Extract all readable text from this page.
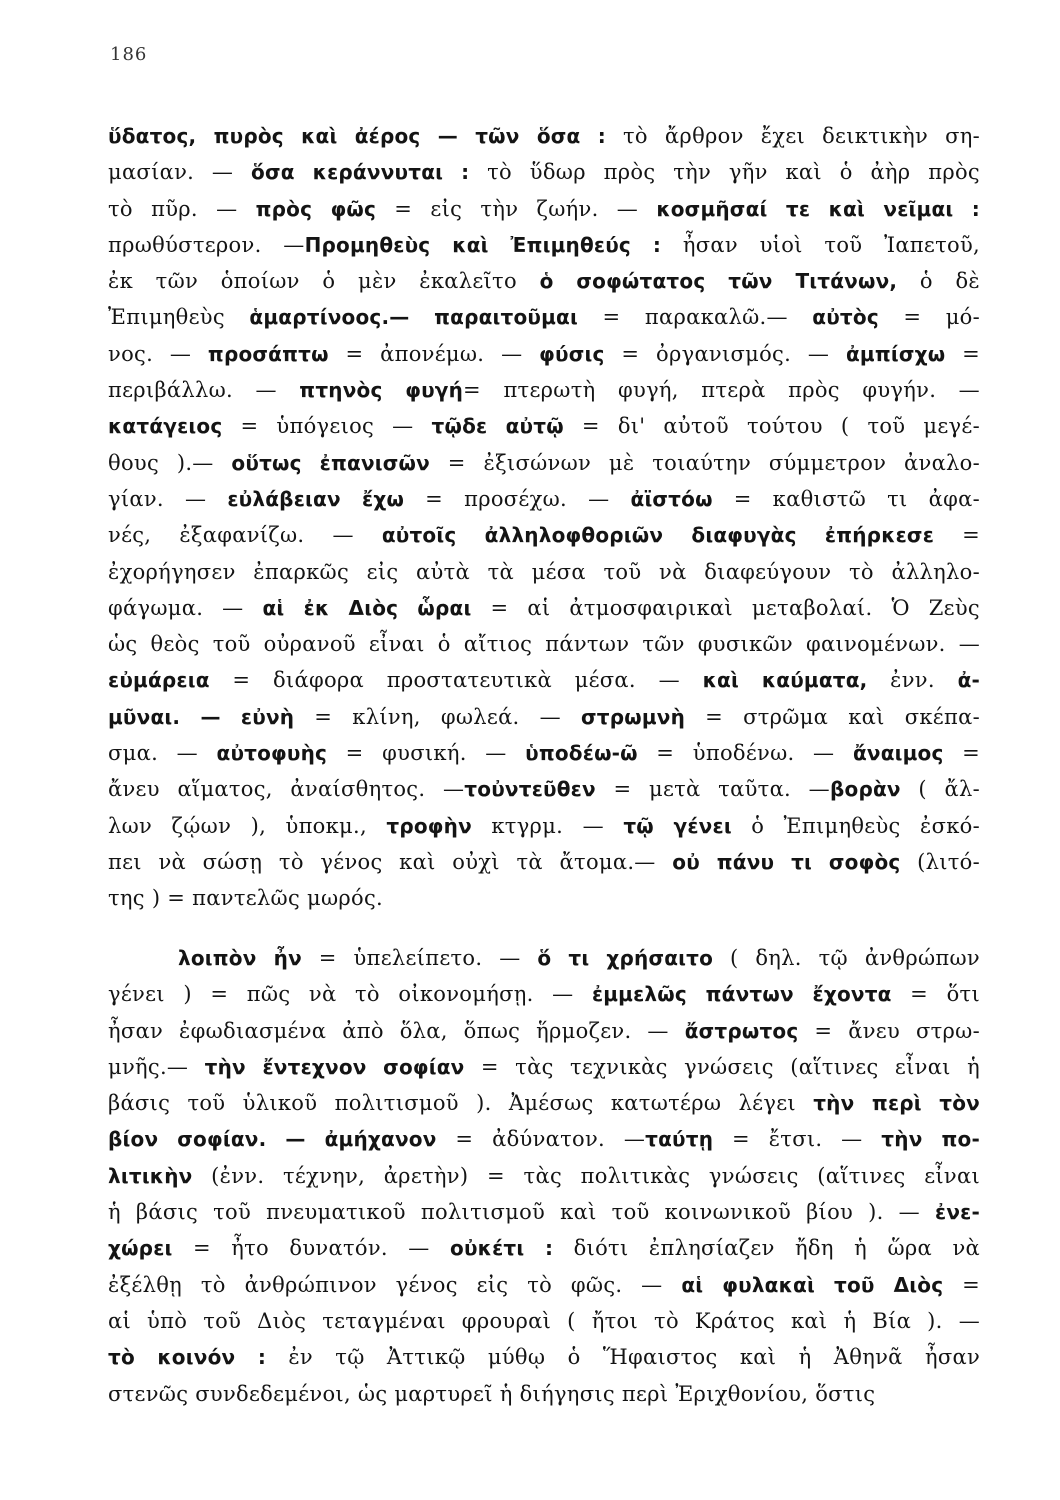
186
ὕδατος, πυρὸς καὶ ἀέρος — τῶν ὅσα : τὸ ἄρθρον ἔχει δεικτικὴν ση-
μασίαν. — ὅσα κεράννυται : τὸ ὕδωρ πρὸς τὴν γῆν καὶ ὁ ἀὴρ πρὸς
τὸ πῦρ. — πρὸς φῶς = εἰς τὴν ζωήν. — κοσμῆσαί τε καὶ νεῖμαι :
πρωθύστερον. —Προμηθεὺς καὶ Ἐπιμηθεύς : ἦσαν υἱοὶ τοῦ Ἰαπετοῦ,
ἐκ τῶν ὁποίων ὁ μὲν ἐκαλεῖτο ὁ σοφώτατος τῶν Τιτάνων, ὁ δὲ
Ἐπιμηθεὺς ἁμαρτίνοος.— παραιτοῦμαι = παρακαλῶ.— αὐτὸς = μό-
νος. — προσάπτω = ἀπονέμω. — φύσις = ὀργανισμός. — ἀμπίσχω =
περιβάλλω. — πτηνὸς φυγή= πτερωτὴ φυγή, πτερὰ πρὸς φυγήν. —
κατάγειος = ὑπόγειος — τῷδε αὐτῷ = δι' αὐτοῦ τούτου ( τοῦ μεγέ-
θους ).— οὕτως ἐπανισῶν = ἐξισώνων μὲ τοιαύτην σύμμετρον ἀναλο-
γίαν. — εὐλάβειαν ἔχω = προσέχω. — ἀϊστόω = καθιστῶ τι ἀφα-
νές, ἐξαφανίζω. — αὐτοῖς ἀλληλοφθοριῶν διαφυγὰς ἐπήρκεσε =
ἐχορήγησεν ἐπαρκῶς εἰς αὐτὰ τὰ μέσα τοῦ νὰ διαφεύγουν τὸ ἀλληλο-
φάγωμα. — αἱ ἐκ Διὸς ὧραι = αἱ ἀτμοσφαιρικαὶ μεταβολαί. Ὁ Ζεὺς
ὡς θεὸς τοῦ οὐρανοῦ εἶναι ὁ αἴτιος πάντων τῶν φυσικῶν φαινομένων. —
εὐμάρεια = διάφορα προστατευτικὰ μέσα. — καὶ καύματα, ἐνν. ἀ-
μῦναι. — εὐνὴ = κλίνη, φωλεά. — στρωμνὴ = στρῶμα καὶ σκέπα-
σμα. — αὐτοφυὴς = φυσική. — ὑποδέω-ῶ = ὑποδένω. — ἄναιμος =
ἄνευ αἵματος, ἀναίσθητος. —τοὐντεῦθεν = μετὰ ταῦτα. —βορὰν ( ἄλ-
λων ζῴων ), ὑποκμ., τροφὴν κτγρμ. — τῷ γένει ὁ Ἐπιμηθεὺς ἐσκό-
πει νὰ σώσῃ τὸ γένος καὶ οὐχὶ τὰ ἄτομα.— οὐ πάνυ τι σοφὸς (λιτό-
της ) = παντελῶς μωρός.
λοιπὸν ἦν = ὑπελείπετο. — ὅ τι χρήσαιτο ( δηλ. τῷ ἀνθρώπων
γένει ) = πῶς νὰ τὸ οἰκονομήσῃ. — ἐμμελῶς πάντων ἔχοντα = ὅτι
ἦσαν ἐφωδιασμένα ἀπὸ ὅλα, ὅπως ἥρμοζεν. — ἄστρωτος = ἄνευ στρω-
μνῆς.— τὴν ἔντεχνον σοφίαν = τὰς τεχνικὰς γνώσεις (αἵτινες εἶναι ἡ
βάσις τοῦ ὑλικοῦ πολιτισμοῦ ). Ἀμέσως κατωτέρω λέγει τὴν περὶ τὸν
βίον σοφίαν. — ἀμήχανον = ἀδύνατον. —ταύτῃ = ἔτσι. — τὴν πο-
λιτικὴν (ἐνν. τέχνην, ἀρετὴν) = τὰς πολιτικὰς γνώσεις (αἵτινες εἶναι
ἡ βάσις τοῦ πνευματικοῦ πολιτισμοῦ καὶ τοῦ κοινωνικοῦ βίου ). — ἐνε-
χώρει = ἦτο δυνατόν. — οὐκέτι : διότι ἐπλησίαζεν ἤδη ἡ ὥρα νὰ
ἐξέλθῃ τὸ ἀνθρώπινον γένος εἰς τὸ φῶς. — αἱ φυλακαὶ τοῦ Διὸς =
αἱ ὑπὸ τοῦ Διὸς τεταγμέναι φρουραὶ ( ἤτοι τὸ Κράτος καὶ ἡ Βία ). —
τὸ κοινόν : ἐν τῷ Ἀττικῷ μύθῳ ὁ Ἥφαιστος καὶ ἡ Ἀθηνᾶ ἦσαν
στενῶς συνδεδεμένοι, ὡς μαρτυρεῖ ἡ διήγησις περὶ Ἐριχθονίου, ὅστις
